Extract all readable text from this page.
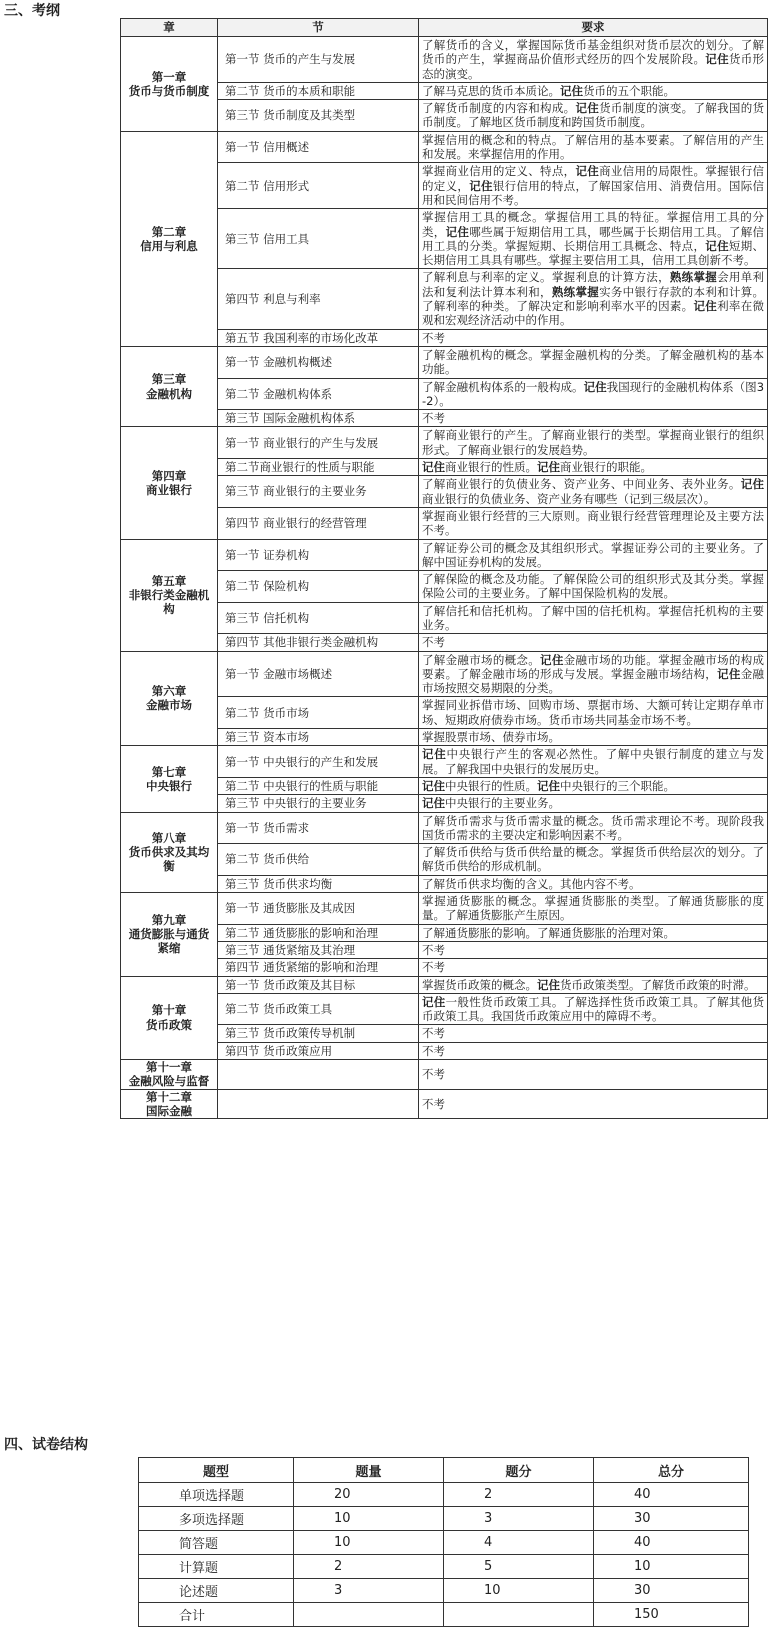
三、考纲
章	节	要求
第一章
货币与货币制度	第一节 货币的产生与发展	了解货币的含义，掌握国际货币基金组织对货币层次的划分。了解货币的产生，掌握商品价值形式经历的四个发展阶段。记住货币形态的演变。
	第二节 货币的本质和职能	了解马克思的货币本质论。记住货币的五个职能。
	第三节 货币制度及其类型	了解货币制度的内容和构成。记住货币制度的演变。了解我国的货币制度。了解地区货币制度和跨国货币制度。
第二章
信用与利息	第一节 信用概述	掌握信用的概念和的特点。了解信用的基本要素。了解信用的产生和发展。来掌握信用的作用。
	第二节 信用形式	掌握商业信用的定义、特点，记住商业信用的局限性。掌握银行信的定义，记住银行信用的特点，了解国家信用、消费信用。国际信用和民间信用不考。
	第三节 信用工具	掌握信用工具的概念。掌握信用工具的特征。掌握信用工具的分类，记住哪些属于短期信用工具，哪些属于长期信用工具。了解信用工具的分类。掌握短期、长期信用工具概念、特点，记住短期、长期信用工具具有哪些。掌握主要信用工具，信用工具创新不考。
	第四节 利息与利率	了解利息与利率的定义。掌握利息的计算方法，熟练掌握会用单利法和复利法计算本利和，熟练掌握实务中银行存款的本利和计算。了解利率的种类。了解决定和影响利率水平的因素。记住利率在微观和宏观经济活动中的作用。
	第五节 我国利率的市场化改革	不考
第三章
金融机构	第一节 金融机构概述	了解金融机构的概念。掌握金融机构的分类。了解金融机构的基本功能。
	第二节 金融机构体系	了解金融机构体系的一般构成。记住我国现行的金融机构体系（图3-2）。
	第三节 国际金融机构体系	不考
第四章
商业银行	第一节 商业银行的产生与发展	了解商业银行的产生。了解商业银行的类型。掌握商业银行的组织形式。了解商业银行的发展趋势。
	第二节商业银行的性质与职能	记住商业银行的性质。记住商业银行的职能。
	第三节 商业银行的主要业务	了解商业银行的负债业务、资产业务、中间业务、表外业务。记住商业银行的负债业务、资产业务有哪些（记到三级层次）。
	第四节 商业银行的经营管理	掌握商业银行经营的三大原则。商业银行经营管理理论及主要方法不考。
第五章
非银行类金融机构	第一节 证券机构	了解证券公司的概念及其组织形式。掌握证券公司的主要业务。了解中国证券机构的发展。
	第二节 保险机构	了解保险的概念及功能。了解保险公司的组织形式及其分类。掌握保险公司的主要业务。了解中国保险机构的发展。
	第三节 信托机构	了解信托和信托机构。了解中国的信托机构。掌握信托机构的主要业务。
	第四节 其他非银行类金融机构	不考
第六章
金融市场	第一节 金融市场概述	了解金融市场的概念。记住金融市场的功能。掌握金融市场的构成要素。了解金融市场的形成与发展。掌握金融市场结构，记住金融市场按照交易期限的分类。
	第二节 货币市场	掌握同业拆借市场、回购市场、票据市场、大额可转让定期存单市场、短期政府债券市场。货币市场共同基金市场不考。
	第三节 资本市场	掌握股票市场、债券市场。
第七章
中央银行	第一节 中央银行的产生和发展	记住中央银行产生的客观必然性。了解中央银行制度的建立与发展。了解我国中央银行的发展历史。
	第二节 中央银行的性质与职能	记住中央银行的性质。记住中央银行的三个职能。
	第三节 中央银行的主要业务	记住中央银行的主要业务。
第八章
货币供求及其均衡	第一节 货币需求	了解货币需求与货币需求量的概念。货币需求理论不考。现阶段我国货币需求的主要决定和影响因素不考。
	第二节 货币供给	了解货币供给与货币供给量的概念。掌握货币供给层次的划分。了解货币供给的形成机制。
	第三节 货币供求均衡	了解货币供求均衡的含义。其他内容不考。
第九章
通货膨胀与通货紧缩	第一节 通货膨胀及其成因	掌握通货膨胀的概念。掌握通货膨胀的类型。了解通货膨胀的度量。了解通货膨胀产生原因。
	第二节 通货膨胀的影响和治理	了解通货膨胀的影响。了解通货膨胀的治理对策。
	第三节 通货紧缩及其治理	不考
	第四节 通货紧缩的影响和治理	不考
第十章
货币政策	第一节 货币政策及其目标	掌握货币政策的概念。记住货币政策类型。了解货币政策的时滞。
	第二节 货币政策工具	记住一般性货币政策工具。了解选择性货币政策工具。了解其他货币政策工具。我国货币政策应用中的障碍不考。
	第三节 货币政策传导机制	不考
	第四节 货币政策应用	不考
第十一章
金融风险与监督		不考
第十二章
国际金融		不考
四、试卷结构
题型	题量	题分	总分
单项选择题	20	2	40
多项选择题	10	3	30
简答题	10	4	40
计算题	2	5	10
论述题	3	10	30
合计			150
